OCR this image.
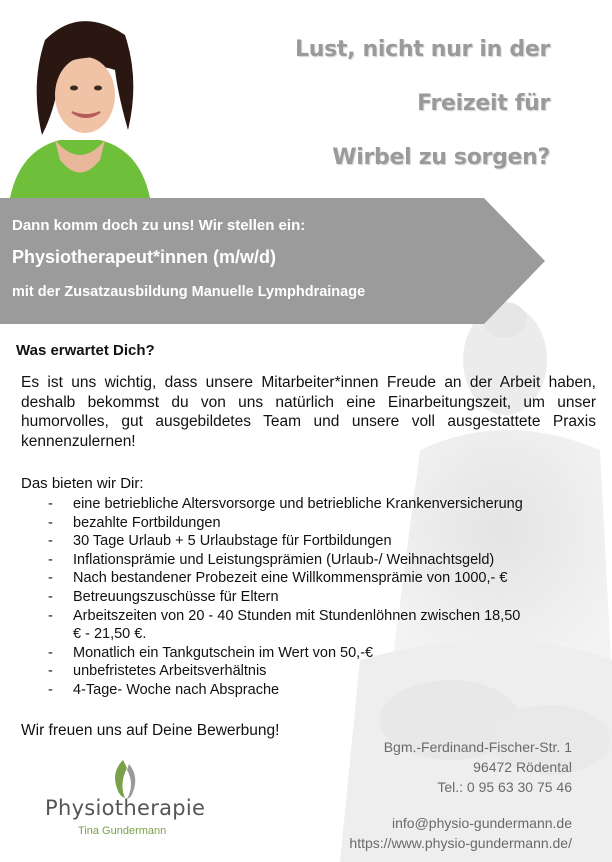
Lust, nicht nur in der
Freizeit für
Wirbel zu sorgen?
Dann komm doch zu uns! Wir stellen ein:
Physiotherapeut*innen (m/w/d)
mit der Zusatzausbildung Manuelle Lymphdrainage
Was erwartet Dich?
Es ist uns wichtig, dass unsere Mitarbeiter*innen Freude an der Arbeit haben, deshalb bekommst du von uns natürlich eine Einarbeitungszeit, um unser humorvolles, gut ausgebildetes Team und unsere voll ausgestattete Praxis kennenzulernen!
Das bieten wir Dir:
- eine betriebliche Altersvorsorge und betriebliche Krankenversicherung
- bezahlte Fortbildungen
- 30 Tage Urlaub + 5 Urlaubstage für Fortbildungen
- Inflationsprämie und Leistungsprämien (Urlaub-/ Weihnachtsgeld)
- Nach bestandener Probezeit eine Willkommensprämie von 1000,- €
- Betreuungszuschüsse für Eltern
- Arbeitszeiten von 20 - 40 Stunden mit Stundenlöhnen zwischen 18,50 € - 21,50 €.
- Monatlich ein Tankgutschein im Wert von 50,-€
- unbefristetes Arbeitsverhältnis
- 4-Tage- Woche nach Absprache
Wir freuen uns auf Deine Bewerbung!
Bgm.-Ferdinand-Fischer-Str. 1
96472 Rödental
Tel.: 0 95 63 30 75 46
info@physio-gundermann.de
https://www.physio-gundermann.de/
Physiotherapie
Tina Gundermann
